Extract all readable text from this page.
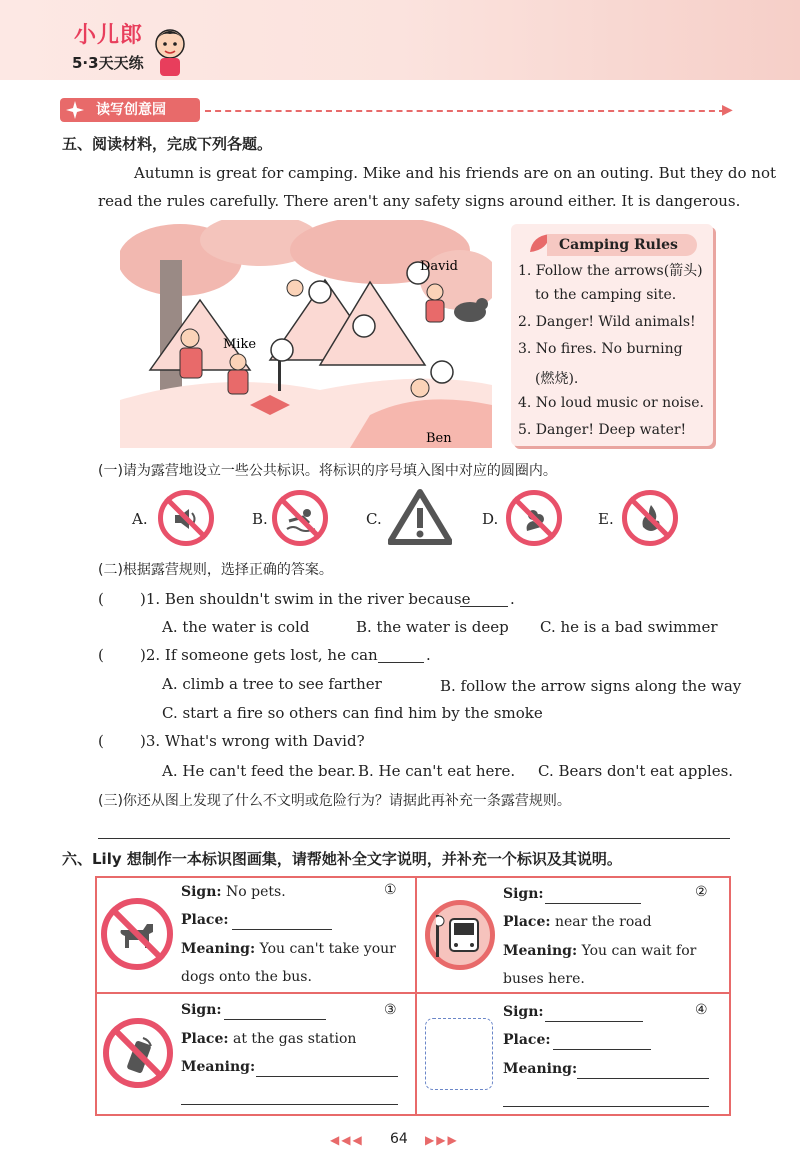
小儿郎
5·3天天练
读写创意园	▶
五、阅读材料，完成下列各题。
Autumn is great for camping. Mike and his friends are on an outing. But they do not
read the rules carefully. There aren't any safety signs around either. It is dangerous.
David
Mike
Ben
Camping Rules
1. Follow the arrows(箭头)
to the camping site.
2. Danger! Wild animals!
3. No fires. No burning
(燃烧).
4. No loud music or noise.
5. Danger! Deep water!
(一)请为露营地设立一些公共标识。将标识的序号填入图中对应的圆圈内。
A.	B.	C.	D.	E.
(二)根据露营规则，选择正确的答案。
( )1. Ben shouldn't swim in the river because	.
A. the water is cold	B. the water is deep C. he is a bad swimmer
( )2. If someone gets lost, he can	.
A. climb a tree to see farther	B. follow the arrow signs along the way
C. start a fire so others can find him by the smoke
( )3. What's wrong with David?
A. He can't feed the bear. B. He can't eat here. C. Bears don't eat apples.
(三)你还从图上发现了什么不文明或危险行为？请据此再补充一条露营规则。
六、Lily 想制作一本标识图画集，请帮她补全文字说明，并补充一个标识及其说明。
Sign: No pets.	①
Place:
Meaning: You can't take your
dogs onto the bus.
Sign:	②
Place: near the road
Meaning: You can wait for
buses here.
Sign:	③
Place: at the gas station
Meaning:
Sign:	④
Place:
Meaning:
◀◀◀ 64 ▶▶▶
